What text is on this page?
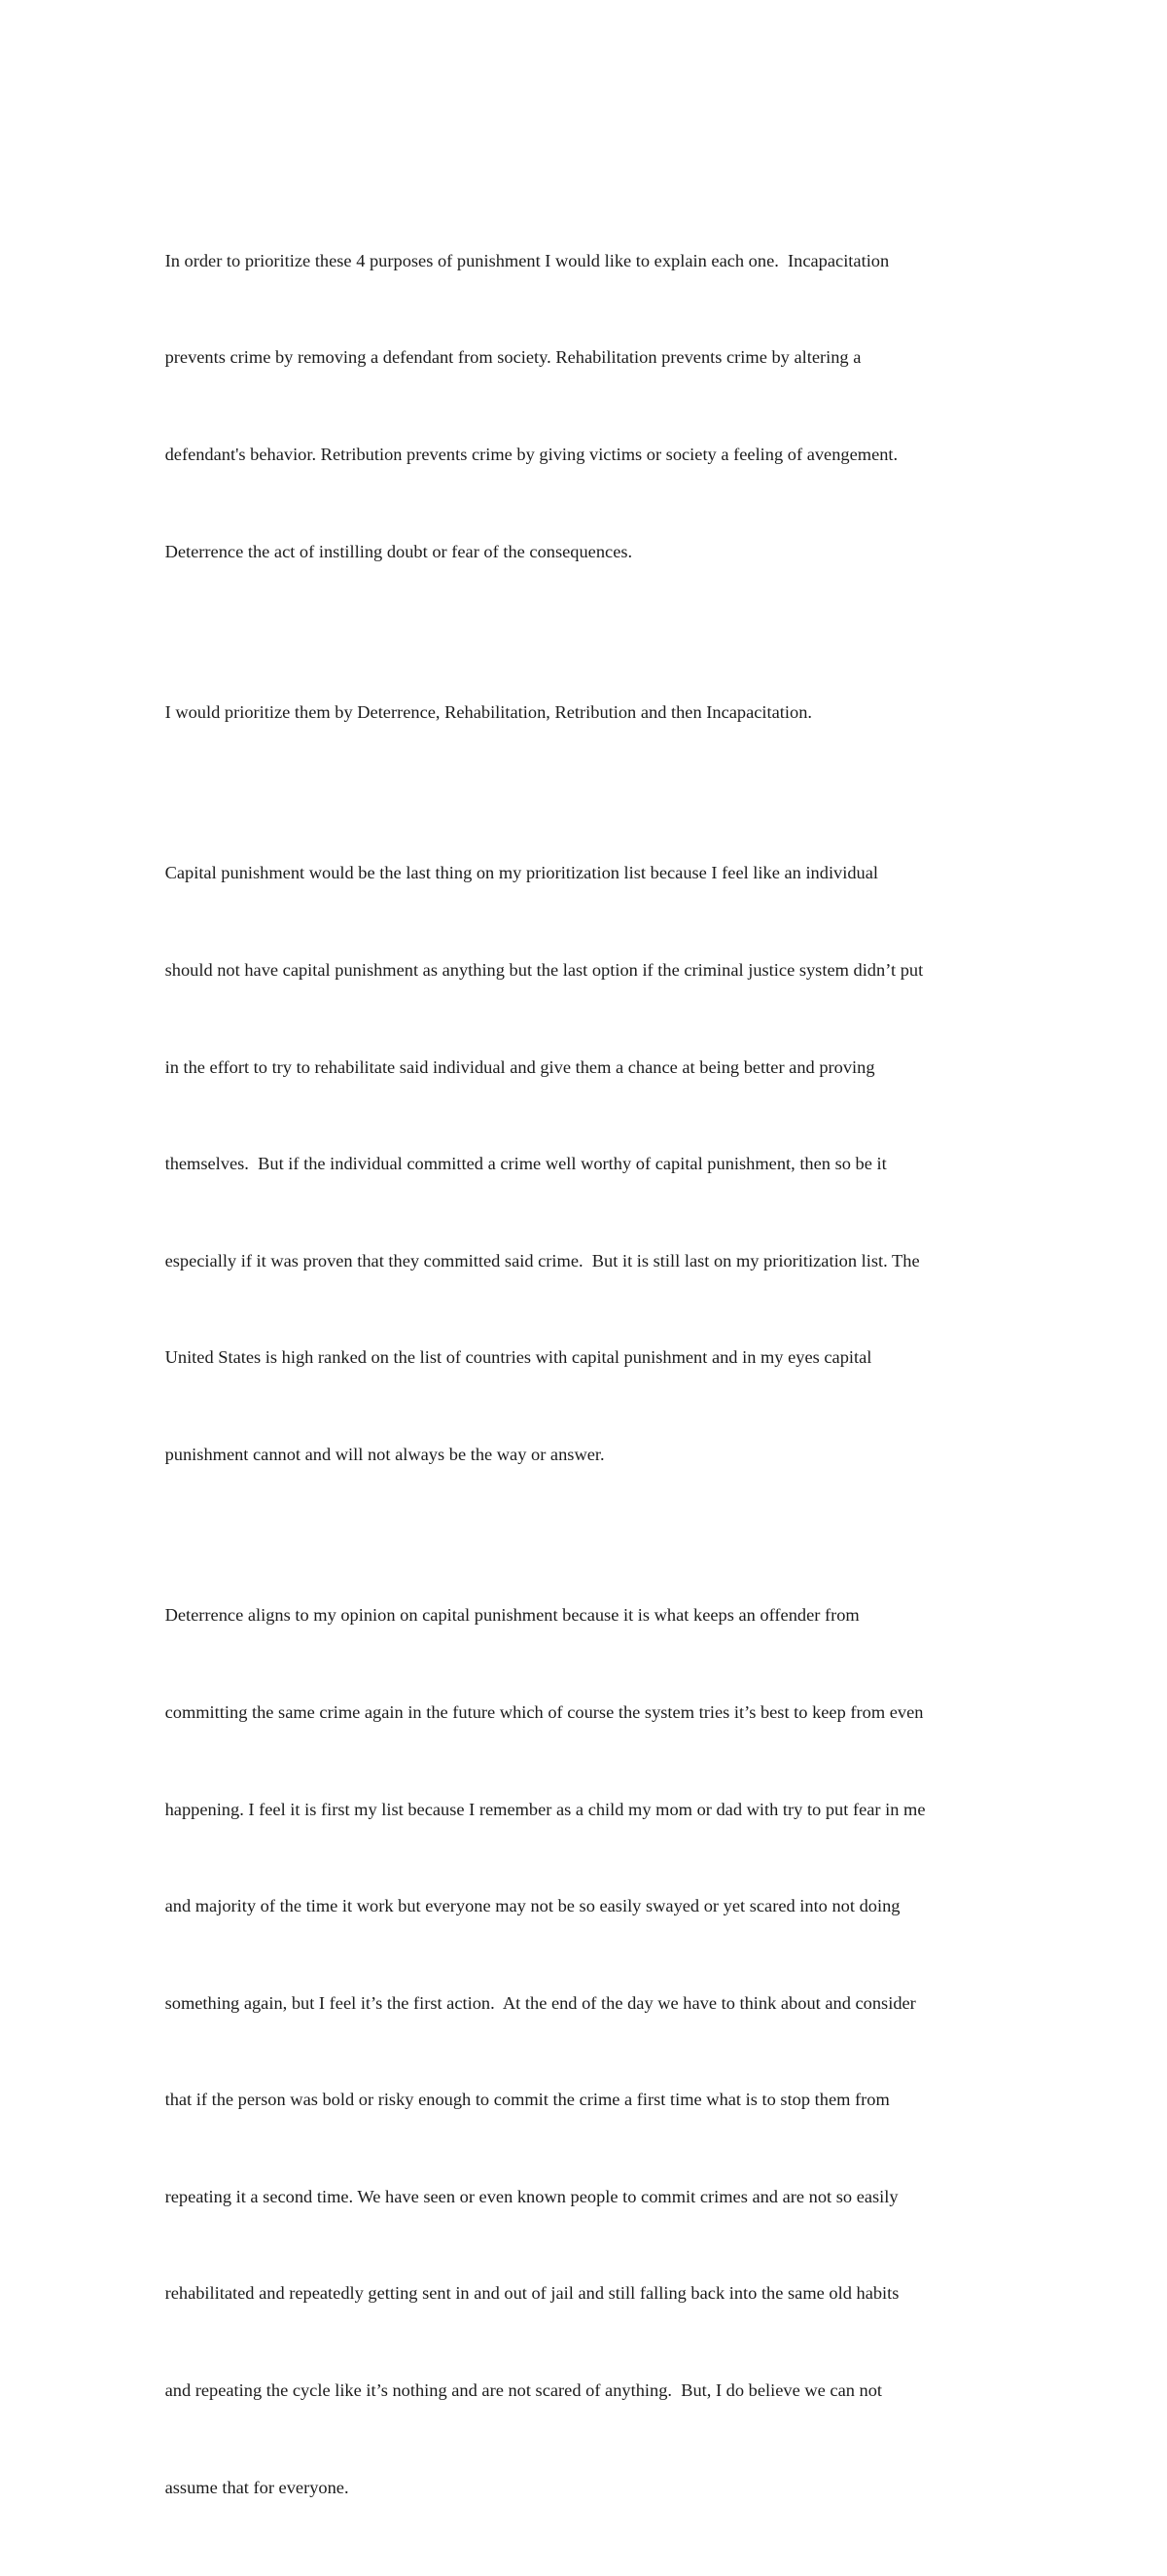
In order to prioritize these 4 purposes of punishment I would like to explain each one.  Incapacitation

prevents crime by removing a defendant from society. Rehabilitation prevents crime by altering a

defendant's behavior. Retribution prevents crime by giving victims or society a feeling of avengement.

Deterrence the act of instilling doubt or fear of the consequences.

I would prioritize them by Deterrence, Rehabilitation, Retribution and then Incapacitation.

Capital punishment would be the last thing on my prioritization list because I feel like an individual

should not have capital punishment as anything but the last option if the criminal justice system didn’t put

in the effort to try to rehabilitate said individual and give them a chance at being better and proving

themselves.  But if the individual committed a crime well worthy of capital punishment, then so be it

especially if it was proven that they committed said crime.  But it is still last on my prioritization list. The

United States is high ranked on the list of countries with capital punishment and in my eyes capital

punishment cannot and will not always be the way or answer.

Deterrence aligns to my opinion on capital punishment because it is what keeps an offender from

committing the same crime again in the future which of course the system tries it’s best to keep from even

happening. I feel it is first my list because I remember as a child my mom or dad with try to put fear in me

and majority of the time it work but everyone may not be so easily swayed or yet scared into not doing

something again, but I feel it’s the first action.  At the end of the day we have to think about and consider

that if the person was bold or risky enough to commit the crime a first time what is to stop them from

repeating it a second time. We have seen or even known people to commit crimes and are not so easily

rehabilitated and repeatedly getting sent in and out of jail and still falling back into the same old habits

and repeating the cycle like it’s nothing and are not scared of anything.  But, I do believe we can not

assume that for everyone.
